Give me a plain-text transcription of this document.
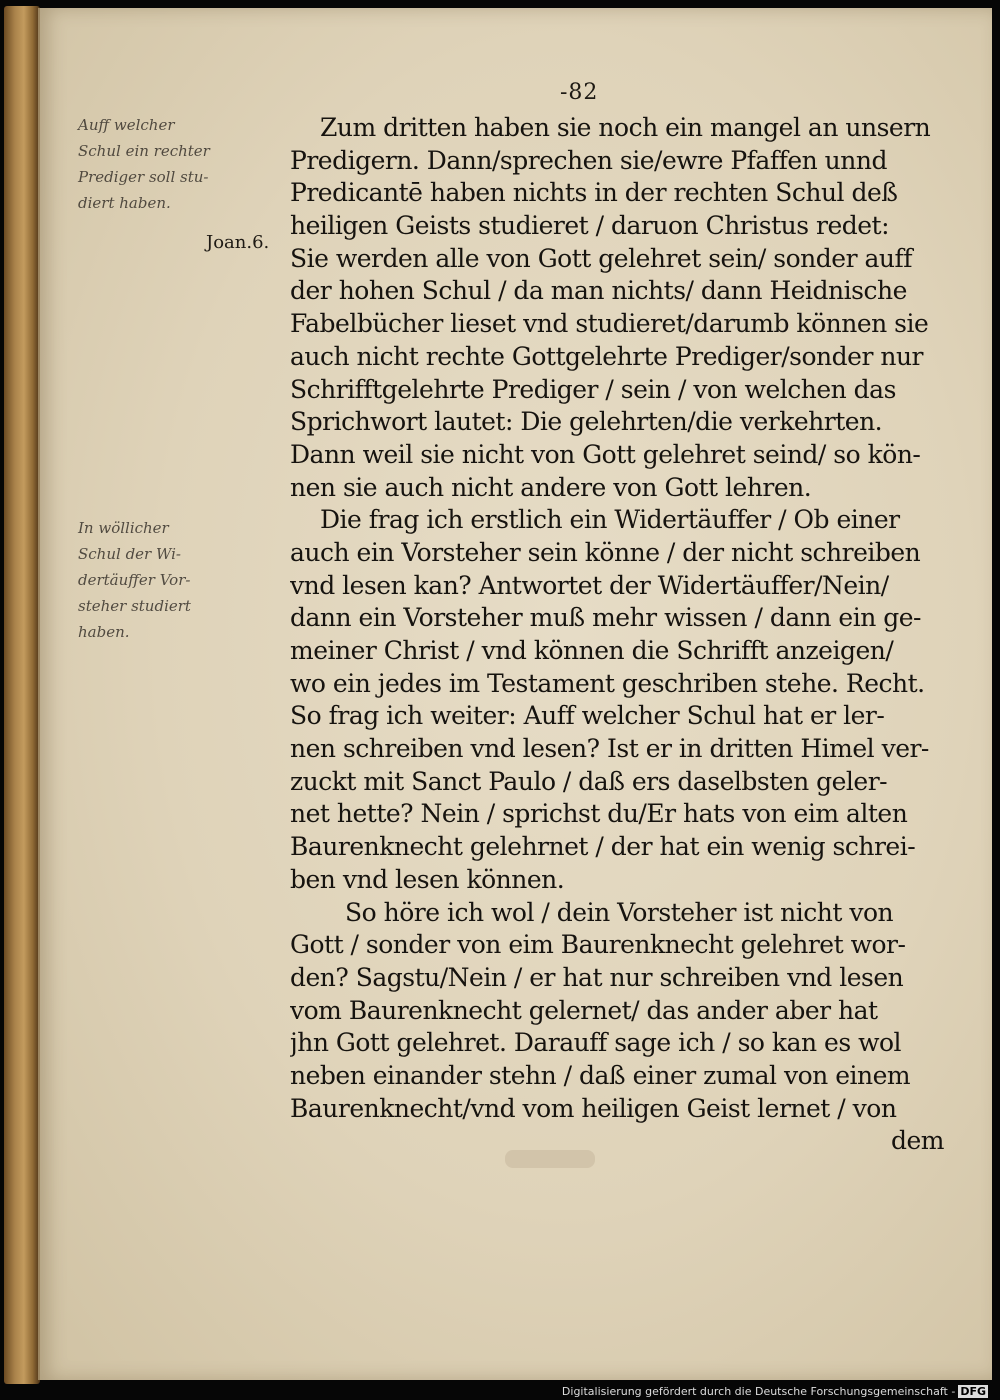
-82
Auff welcher
Schul ein rechter
Prediger soll stu-
diert haben.
Joan.6.
In wöllicher
Schul der Wi-
dertäuffer Vor-
steher studiert
haben.
Zum dritten haben sie noch ein mangel an unsern
Predigern. Dann/sprechen sie/ewre Pfaffen unnd
Predicantē haben nichts in der rechten Schul deß
heiligen Geists studieret / daruon Christus redet:
Sie werden alle von Gott gelehret sein/ sonder auff
der hohen Schul / da man nichts/ dann Heidnische
Fabelbücher lieset vnd studieret/darumb können sie
auch nicht rechte Gottgelehrte Prediger/sonder nur
Schrifftgelehrte Prediger / sein / von welchen das
Sprichwort lautet: Die gelehrten/die verkehrten.
Dann weil sie nicht von Gott gelehret seind/ so kön-
nen sie auch nicht andere von Gott lehren.
Die frag ich erstlich ein Widertäuffer / Ob einer
auch ein Vorsteher sein könne / der nicht schreiben
vnd lesen kan? Antwortet der Widertäuffer/Nein/
dann ein Vorsteher muß mehr wissen / dann ein ge-
meiner Christ / vnd können die Schrifft anzeigen/
wo ein jedes im Testament geschriben stehe. Recht.
So frag ich weiter: Auff welcher Schul hat er ler-
nen schreiben vnd lesen? Ist er in dritten Himel ver-
zuckt mit Sanct Paulo / daß ers daselbsten geler-
net hette? Nein / sprichst du/Er hats von eim alten
Baurenknecht gelehrnet / der hat ein wenig schrei-
ben vnd lesen können.
So höre ich wol / dein Vorsteher ist nicht von
Gott / sonder von eim Baurenknecht gelehret wor-
den? Sagstu/Nein / er hat nur schreiben vnd lesen
vom Baurenknecht gelernet/ das ander aber hat
jhn Gott gelehret. Darauff sage ich / so kan es wol
neben einander stehn / daß einer zumal von einem
Baurenknecht/vnd vom heiligen Geist lernet / von
dem
Digitalisierung gefördert durch die Deutsche Forschungsgemeinschaft - DFG
